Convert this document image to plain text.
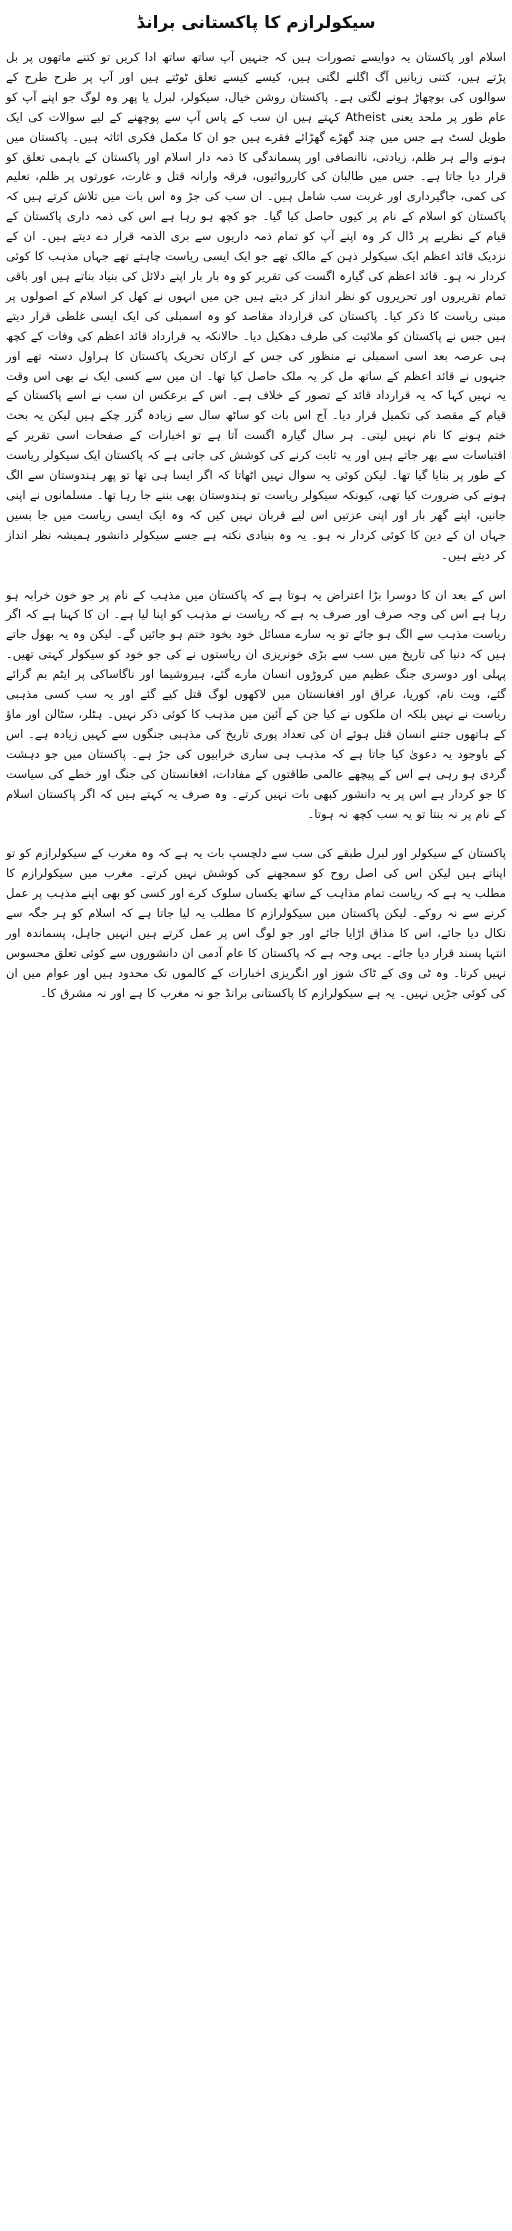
سیکولرازم کا پاکستانی برانڈ

اسلام اور پاکستان یہ دوایسے تصورات ہیں کہ جنہیں آپ ساتھ ساتھ ادا کریں تو کتنے ماتھوں پر بل پڑتے ہیں، کتنی زبانیں آگ اگلنے لگتی ہیں، کیسے کیسے تعلق ٹوٹتے ہیں اور آپ پر طرح طرح کے سوالوں کی بوچھاڑ ہونے لگتی ہے۔ پاکستان روشن خیال، سیکولر، لبرل یا پھر وہ لوگ جو اپنے آپ کو عام طور پر ملحد یعنی Atheist کہتے ہیں ان سب کے پاس آپ سے پوچھنے کے لیے سوالات کی ایک طویل لسٹ ہے جس میں چند گھڑے گھڑائے فقرے ہیں جو ان کا مکمل فکری اثاثہ ہیں۔ پاکستان میں ہونے والے ہر ظلم، زیادتی، ناانصافی اور پسماندگی کا ذمہ دار اسلام اور پاکستان کے باہمی تعلق کو قرار دیا جاتا ہے۔ جس میں طالبان کی کارروائیوں، فرقہ وارانہ قتل و غارت، عورتوں پر ظلم، تعلیم کی کمی، جاگیرداری اور غربت سب شامل ہیں۔ ان سب کی جڑ وہ اس بات میں تلاش کرتے ہیں کہ پاکستان کو اسلام کے نام پر کیوں حاصل کیا گیا۔ جو کچھ ہو رہا ہے اس کی ذمہ داری پاکستان کے قیام کے نظریے پر ڈال کر وہ اپنے آپ کو تمام ذمہ داریوں سے بری الذمہ قرار دے دیتے ہیں۔ ان کے نزدیک قائد اعظم ایک سیکولر ذہن کے مالک تھے جو ایک ایسی ریاست چاہتے تھے جہاں مذہب کا کوئی کردار نہ ہو۔ قائد اعظم کی گیارہ اگست کی تقریر کو وہ بار بار اپنے دلائل کی بنیاد بناتے ہیں اور باقی تمام تقریروں اور تحریروں کو نظر انداز کر دیتے ہیں جن میں انہوں نے کھل کر اسلام کے اصولوں پر مبنی ریاست کا ذکر کیا۔ پاکستان کی قرارداد مقاصد کو وہ اسمبلی کی ایک ایسی غلطی قرار دیتے ہیں جس نے پاکستان کو ملائیت کی طرف دھکیل دیا۔ حالانکہ یہ قرارداد قائد اعظم کی وفات کے کچھ ہی عرصہ بعد اسی اسمبلی نے منظور کی جس کے ارکان تحریک پاکستان کا ہراول دستہ تھے اور جنہوں نے قائد اعظم کے ساتھ مل کر یہ ملک حاصل کیا تھا۔ ان میں سے کسی ایک نے بھی اس وقت یہ نہیں کہا کہ یہ قرارداد قائد کے تصور کے خلاف ہے۔ اس کے برعکس ان سب نے اسے پاکستان کے قیام کے مقصد کی تکمیل قرار دیا۔ آج اس بات کو ساٹھ سال سے زیادہ گزر چکے ہیں لیکن یہ بحث ختم ہونے کا نام نہیں لیتی۔ ہر سال گیارہ اگست آتا ہے تو اخبارات کے صفحات اسی تقریر کے اقتباسات سے بھر جاتے ہیں اور یہ ثابت کرنے کی کوشش کی جاتی ہے کہ پاکستان ایک سیکولر ریاست کے طور پر بنایا گیا تھا۔ لیکن کوئی یہ سوال نہیں اٹھاتا کہ اگر ایسا ہی تھا تو پھر ہندوستان سے الگ ہونے کی ضرورت کیا تھی، کیونکہ سیکولر ریاست تو ہندوستان بھی بننے جا رہا تھا۔ مسلمانوں نے اپنی جانیں، اپنے گھر بار اور اپنی عزتیں اس لیے قربان نہیں کیں کہ وہ ایک ایسی ریاست میں جا بسیں جہاں ان کے دین کا کوئی کردار نہ ہو۔ یہ وہ بنیادی نکتہ ہے جسے سیکولر دانشور ہمیشہ نظر انداز کر دیتے ہیں۔

اس کے بعد ان کا دوسرا بڑا اعتراض یہ ہوتا ہے کہ پاکستان میں مذہب کے نام پر جو خون خرابہ ہو رہا ہے اس کی وجہ صرف اور صرف یہ ہے کہ ریاست نے مذہب کو اپنا لیا ہے۔ ان کا کہنا ہے کہ اگر ریاست مذہب سے الگ ہو جائے تو یہ سارے مسائل خود بخود ختم ہو جائیں گے۔ لیکن وہ یہ بھول جاتے ہیں کہ دنیا کی تاریخ میں سب سے بڑی خونریزی ان ریاستوں نے کی جو خود کو سیکولر کہتی تھیں۔ پہلی اور دوسری جنگ عظیم میں کروڑوں انسان مارے گئے، ہیروشیما اور ناگاساکی پر ایٹم بم گرائے گئے، ویت نام، کوریا، عراق اور افغانستان میں لاکھوں لوگ قتل کیے گئے اور یہ سب کسی مذہبی ریاست نے نہیں بلکہ ان ملکوں نے کیا جن کے آئین میں مذہب کا کوئی ذکر نہیں۔ ہٹلر، سٹالن اور ماؤ کے ہاتھوں جتنے انسان قتل ہوئے ان کی تعداد پوری تاریخ کی مذہبی جنگوں سے کہیں زیادہ ہے۔ اس کے باوجود یہ دعویٰ کیا جاتا ہے کہ مذہب ہی ساری خرابیوں کی جڑ ہے۔ پاکستان میں جو دہشت گردی ہو رہی ہے اس کے پیچھے عالمی طاقتوں کے مفادات، افغانستان کی جنگ اور خطے کی سیاست کا جو کردار ہے اس پر یہ دانشور کبھی بات نہیں کرتے۔ وہ صرف یہ کہتے ہیں کہ اگر پاکستان اسلام کے نام پر نہ بنتا تو یہ سب کچھ نہ ہوتا۔

پاکستان کے سیکولر اور لبرل طبقے کی سب سے دلچسپ بات یہ ہے کہ وہ مغرب کے سیکولرازم کو تو اپناتے ہیں لیکن اس کی اصل روح کو سمجھنے کی کوشش نہیں کرتے۔ مغرب میں سیکولرازم کا مطلب یہ ہے کہ ریاست تمام مذاہب کے ساتھ یکساں سلوک کرے اور کسی کو بھی اپنے مذہب پر عمل کرنے سے نہ روکے۔ لیکن پاکستان میں سیکولرازم کا مطلب یہ لیا جاتا ہے کہ اسلام کو ہر جگہ سے نکال دیا جائے، اس کا مذاق اڑایا جائے اور جو لوگ اس پر عمل کرتے ہیں انہیں جاہل، پسماندہ اور انتہا پسند قرار دیا جائے۔ یہی وجہ ہے کہ پاکستان کا عام آدمی ان دانشوروں سے کوئی تعلق محسوس نہیں کرتا۔ وہ ٹی وی کے ٹاک شوز اور انگریزی اخبارات کے کالموں تک محدود ہیں اور عوام میں ان کی کوئی جڑیں نہیں۔ یہ ہے سیکولرازم کا پاکستانی برانڈ جو نہ مغرب کا ہے اور نہ مشرق کا۔
